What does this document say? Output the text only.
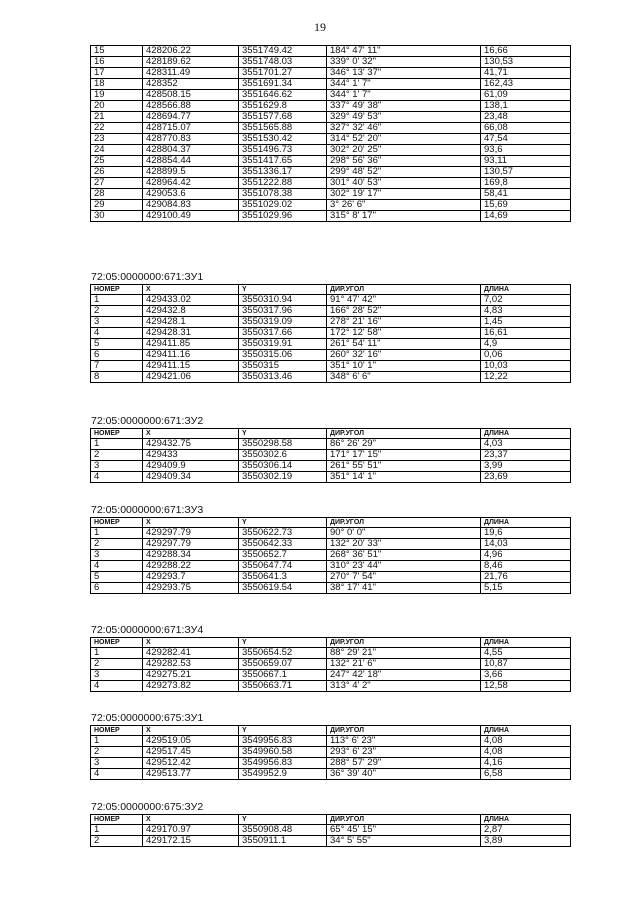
19
15	428206.22	3551749.42	184° 47' 11"	16,66
16	428189.62	3551748.03	339° 0' 32"	130,53
17	428311.49	3551701.27	346° 13' 37"	41,71
18	428352	3551691.34	344° 1' 7"	162,43
19	428508.15	3551646.62	344° 1' 7"	61,09
20	428566.88	3551629.8	337° 49' 38"	138,1
21	428694.77	3551577.68	329° 49' 53"	23,48
22	428715.07	3551565.88	327° 32' 46"	66,08
23	428770.83	3551530.42	314° 52' 20"	47,54
24	428804.37	3551496.73	302° 20' 25"	93,6
25	428854.44	3551417.65	298° 56' 36"	93,11
26	428899.5	3551336.17	299° 48' 52"	130,57
27	428964.42	3551222.88	301° 40' 53"	169,8
28	429053.6	3551078.38	302° 19' 17"	58,41
29	429084.83	3551029.02	3° 26' 6"	15,69
30	429100.49	3551029.96	315° 8' 17"	14,69
72:05:0000000:671:ЗУ1
НОМЕР	X	Y	ДИР.УГОЛ	ДЛИНА
1	429433.02	3550310.94	91° 47' 42"	7,02
2	429432.8	3550317.96	166° 28' 52"	4,83
3	429428.1	3550319.09	278° 21' 16"	1,45
4	429428.31	3550317.66	172° 12' 58"	16,61
5	429411.85	3550319.91	261° 54' 11"	4,9
6	429411.16	3550315.06	260° 32' 16"	0,06
7	429411.15	3550315	351° 10' 1"	10,03
8	429421.06	3550313.46	348° 6' 6"	12,22
72:05:0000000:671:ЗУ2
НОМЕР	X	Y	ДИР.УГОЛ	ДЛИНА
1	429432.75	3550298.58	86° 26' 29"	4,03
2	429433	3550302.6	171° 17' 15"	23,37
3	429409.9	3550306.14	261° 55' 51"	3,99
4	429409.34	3550302.19	351° 14' 1"	23,69
72:05:0000000:671:ЗУ3
НОМЕР	X	Y	ДИР.УГОЛ	ДЛИНА
1	429297.79	3550622.73	90° 0' 0"	19,6
2	429297.79	3550642.33	132° 20' 33"	14,03
3	429288.34	3550652.7	268° 36' 51"	4,96
4	429288.22	3550647.74	310° 23' 44"	8,46
5	429293.7	3550641.3	270° 7' 54"	21,76
6	429293.75	3550619.54	38° 17' 41"	5,15
72:05:0000000:671:ЗУ4
НОМЕР	X	Y	ДИР.УГОЛ	ДЛИНА
1	429282.41	3550654.52	88° 29' 21"	4,55
2	429282.53	3550659.07	132° 21' 6"	10,87
3	429275.21	3550667.1	247° 42' 18"	3,66
4	429273.82	3550663.71	313° 4' 2"	12,58
72:05:0000000:675:ЗУ1
НОМЕР	X	Y	ДИР.УГОЛ	ДЛИНА
1	429519.05	3549956.83	113° 6' 23"	4,08
2	429517.45	3549960.58	293° 6' 23"	4,08
3	429512.42	3549956.83	288° 57' 29"	4,16
4	429513.77	3549952.9	36° 39' 40"	6,58
72:05:0000000:675:ЗУ2
НОМЕР	X	Y	ДИР.УГОЛ	ДЛИНА
1	429170.97	3550908.48	65° 45' 15"	2,87
2	429172.15	3550911.1	34° 5' 55"	3,89
